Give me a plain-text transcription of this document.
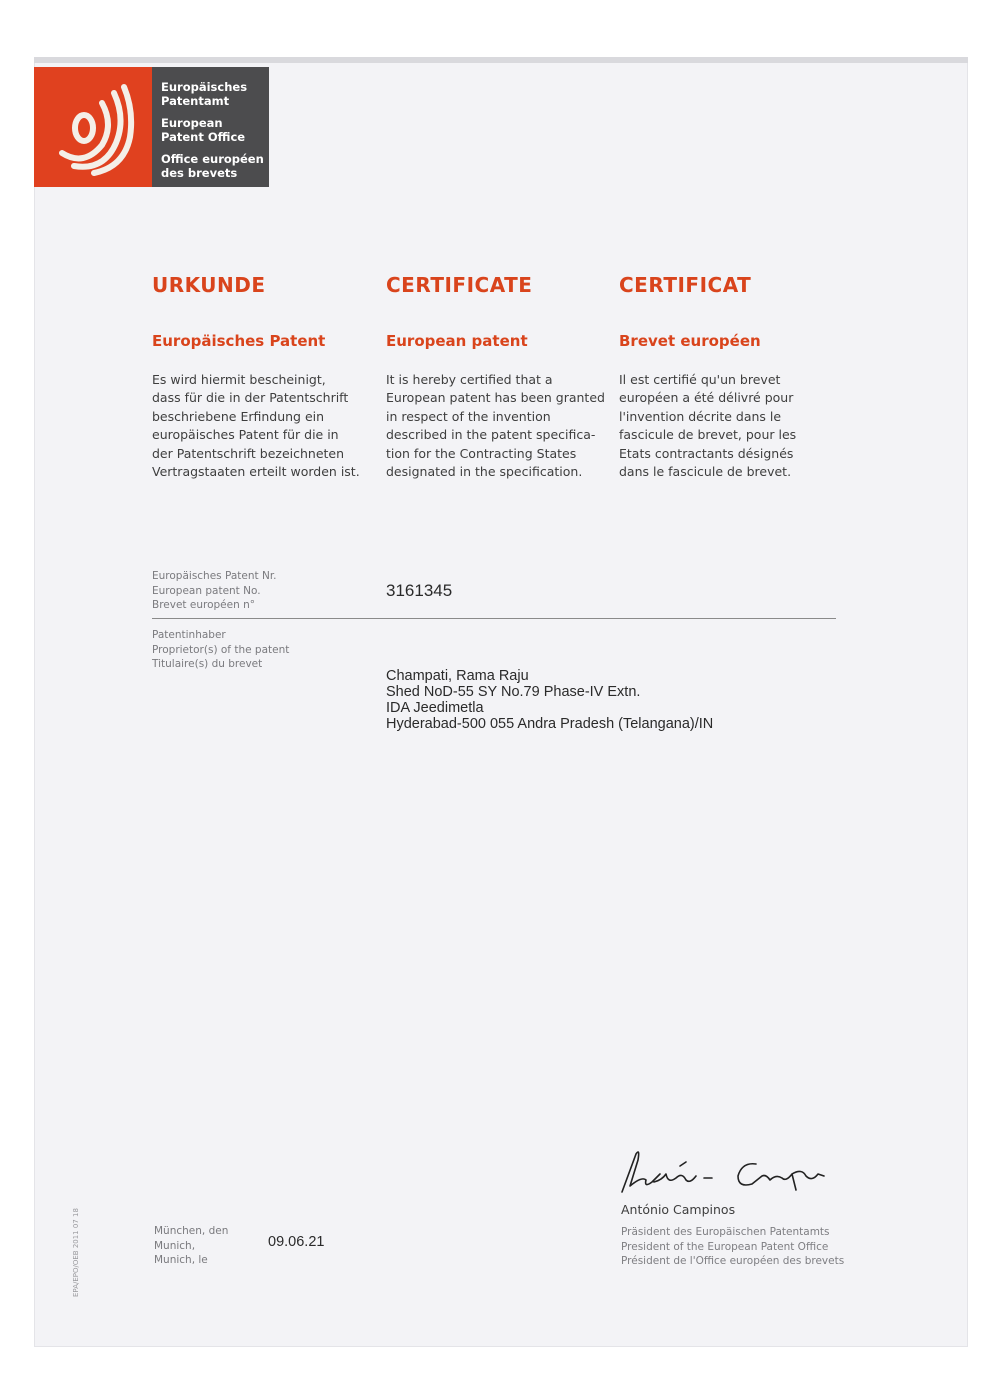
Europäisches
Patentamt
European
Patent Office
Office européen
des brevets
URKUNDE
Europäisches Patent
Es wird hiermit bescheinigt,
dass für die in der Patentschrift
beschriebene Erfindung ein
europäisches Patent für die in
der Patentschrift bezeichneten
Vertragstaaten erteilt worden ist.
CERTIFICATE
European patent
It is hereby certified that a
European patent has been granted
in respect of the invention
described in the patent specifica-
tion for the Contracting States
designated in the specification.
CERTIFICAT
Brevet européen
Il est certifié qu'un brevet
européen a été délivré pour
l'invention décrite dans le
fascicule de brevet, pour les
Etats contractants désignés
dans le fascicule de brevet.
Europäisches Patent Nr.
European patent No.
Brevet européen n°
3161345
Patentinhaber
Proprietor(s) of the patent
Titulaire(s) du brevet
Champati, Rama Raju
Shed NoD-55 SY No.79 Phase-IV Extn.
IDA Jeedimetla
Hyderabad-500 055 Andra Pradesh (Telangana)/IN
München, den
Munich,
Munich, le
09.06.21
António Campinos
Präsident des Europäischen Patentamts
President of the European Patent Office
Président de l'Office européen des brevets
EPA/EPO/OEB 2011 07 18
